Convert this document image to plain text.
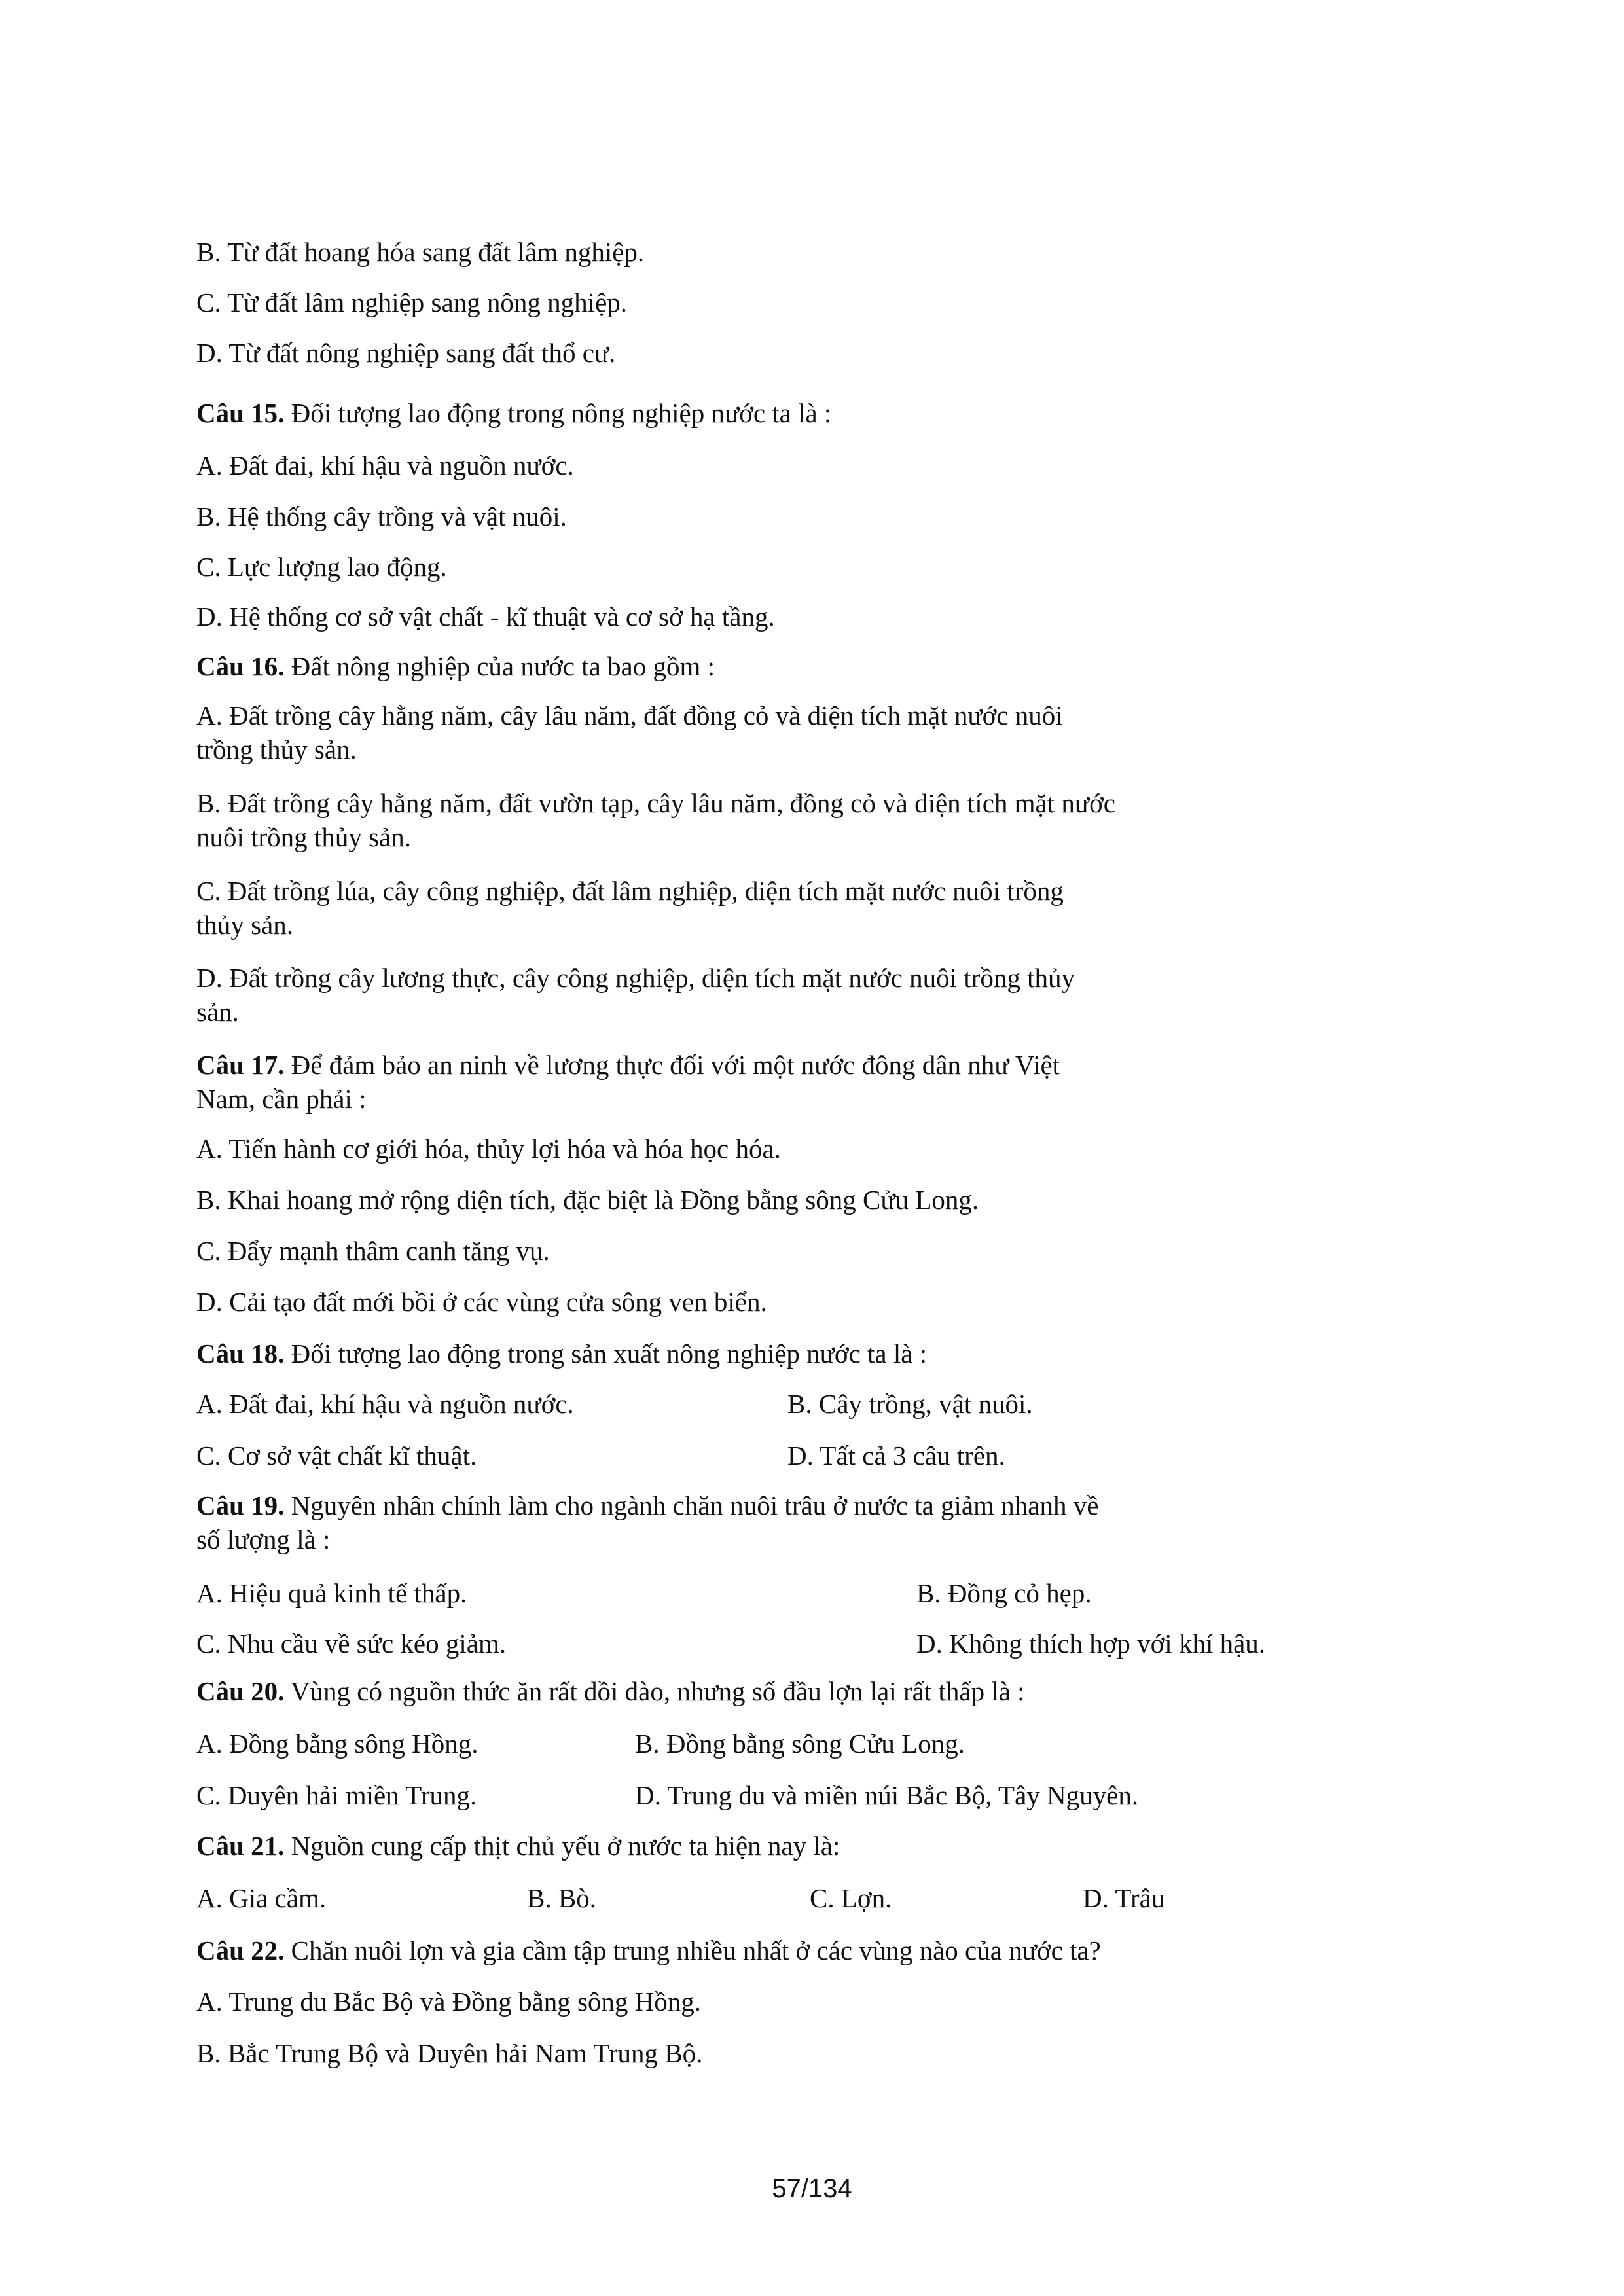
B. Từ đất hoang hóa sang đất lâm nghiệp.
C. Từ đất lâm nghiệp sang nông nghiệp.
D. Từ đất nông nghiệp sang đất thổ cư.
Câu 15. Đối tượng lao động trong nông nghiệp nước ta là :
A. Đất đai, khí hậu và nguồn nước.
B. Hệ thống cây trồng và vật nuôi.
C. Lực lượng lao động.
D. Hệ thống cơ sở vật chất - kĩ thuật và cơ sở hạ tầng.
Câu 16. Đất nông nghiệp của nước ta bao gồm :
A. Đất trồng cây hằng năm, cây lâu năm, đất đồng cỏ và diện tích mặt nước nuôi
trồng thủy sản.
B. Đất trồng cây hằng năm, đất vườn tạp, cây lâu năm, đồng cỏ và diện tích mặt nước
nuôi trồng thủy sản.
C. Đất trồng lúa, cây công nghiệp, đất lâm nghiệp, diện tích mặt nước nuôi trồng
thủy sản.
D. Đất trồng cây lương thực, cây công nghiệp, diện tích mặt nước nuôi trồng thủy
sản.
Câu 17. Để đảm bảo an ninh về lương thực đối với một nước đông dân như Việt
Nam, cần phải :
A. Tiến hành cơ giới hóa, thủy lợi hóa và hóa học hóa.
B. Khai hoang mở rộng diện tích, đặc biệt là Đồng bằng sông Cửu Long.
C. Đẩy mạnh thâm canh tăng vụ.
D. Cải tạo đất mới bồi ở các vùng cửa sông ven biển.
Câu 18. Đối tượng lao động trong sản xuất nông nghiệp nước ta là :
A. Đất đai, khí hậu và nguồn nước.	B. Cây trồng, vật nuôi.
C. Cơ sở vật chất kĩ thuật.	D. Tất cả 3 câu trên.
Câu 19. Nguyên nhân chính làm cho ngành chăn nuôi trâu ở nước ta giảm nhanh về
số lượng là :
A. Hiệu quả kinh tế thấp.	B. Đồng cỏ hẹp.
C. Nhu cầu về sức kéo giảm.	D. Không thích hợp với khí hậu.
Câu 20. Vùng có nguồn thức ăn rất dồi dào, nhưng số đầu lợn lại rất thấp là :
A. Đồng bằng sông Hồng.	B. Đồng bằng sông Cửu Long.
C. Duyên hải miền Trung.	D. Trung du và miền núi Bắc Bộ, Tây Nguyên.
Câu 21. Nguồn cung cấp thịt chủ yếu ở nước ta hiện nay là:
A. Gia cầm.	B. Bò.	C. Lợn.	D. Trâu
Câu 22. Chăn nuôi lợn và gia cầm tập trung nhiều nhất ở các vùng nào của nước ta?
A. Trung du Bắc Bộ và Đồng bằng sông Hồng.
B. Bắc Trung Bộ và Duyên hải Nam Trung Bộ.
57/134
